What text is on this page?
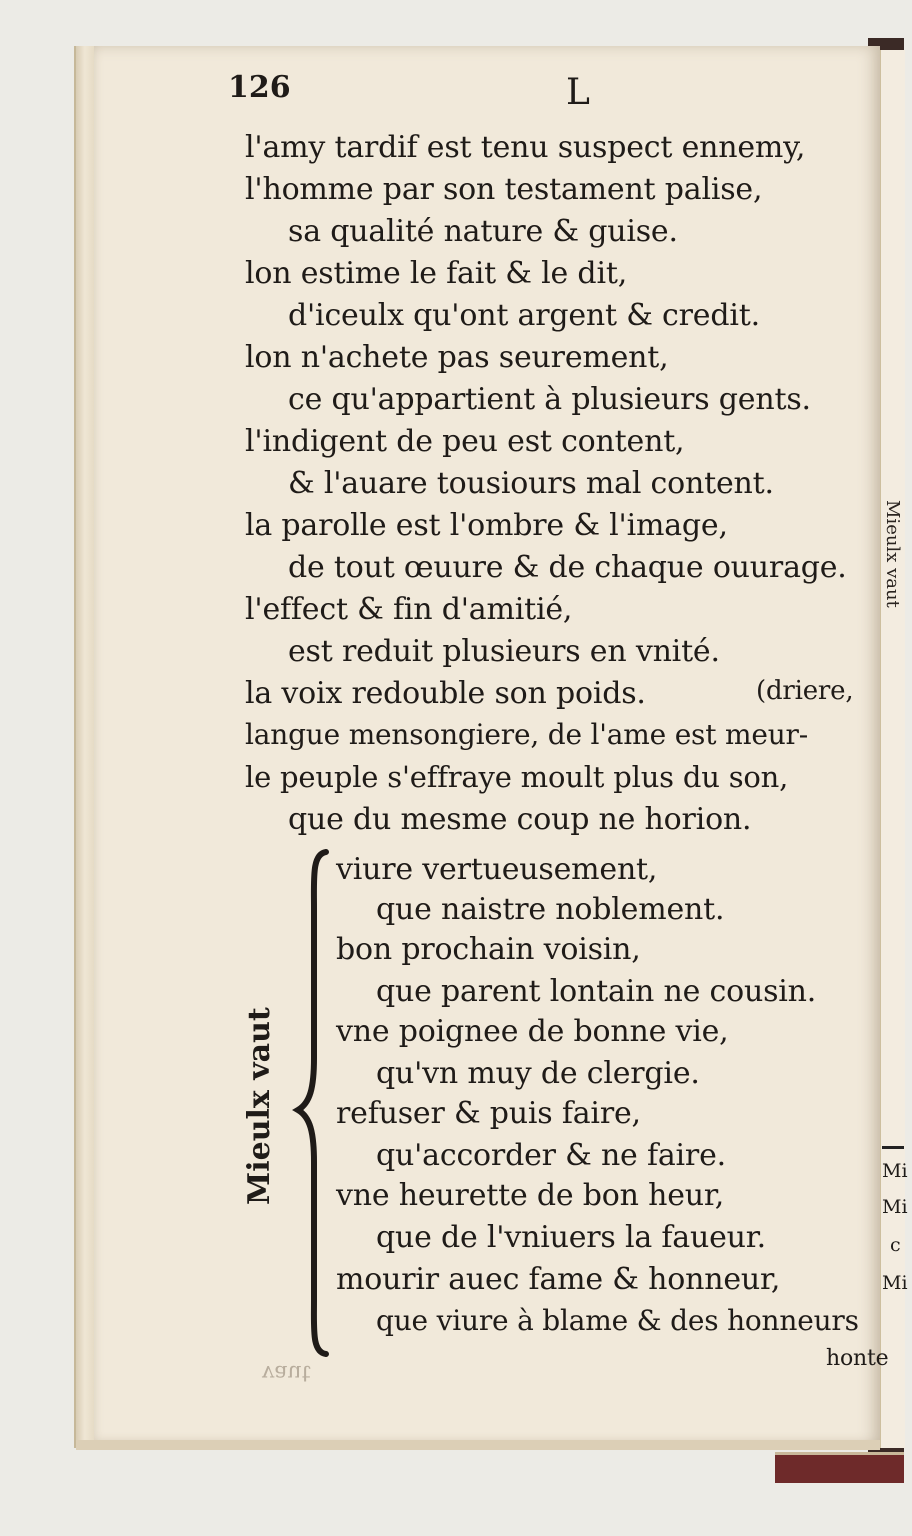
Mieulx vaut
Mi
Mi
c
Mi
126	L
l'amy tardif est tenu suspect ennemy,
l'homme par son testament palise,
sa qualité nature & guise.
lon estime le fait & le dit,
d'iceulx qu'ont argent & credit.
lon n'achete pas seurement,
ce qu'appartient à plusieurs gents.
l'indigent de peu est content,
& l'auare tousiours mal content.
la parolle est l'ombre & l'image,
de tout œuure & de chaque ouurage.
l'effect & fin d'amitié,
est reduit plusieurs en vnité.
la voix redouble son poids.	(driere,
langue mensongiere, de l'ame est meur-
le peuple s'effraye moult plus du son,
que du mesme coup ne horion.
Mieulx vaut
viure vertueusement,
que naistre noblement.
bon prochain voisin,
que parent lontain ne cousin.
vne poignee de bonne vie,
qu'vn muy de clergie.
refuser & puis faire,
qu'accorder & ne faire.
vne heurette de bon heur,
que de l'vniuers la faueur.
mourir auec fame & honneur,
que viure à blame & des honneurs
honte
vaut
